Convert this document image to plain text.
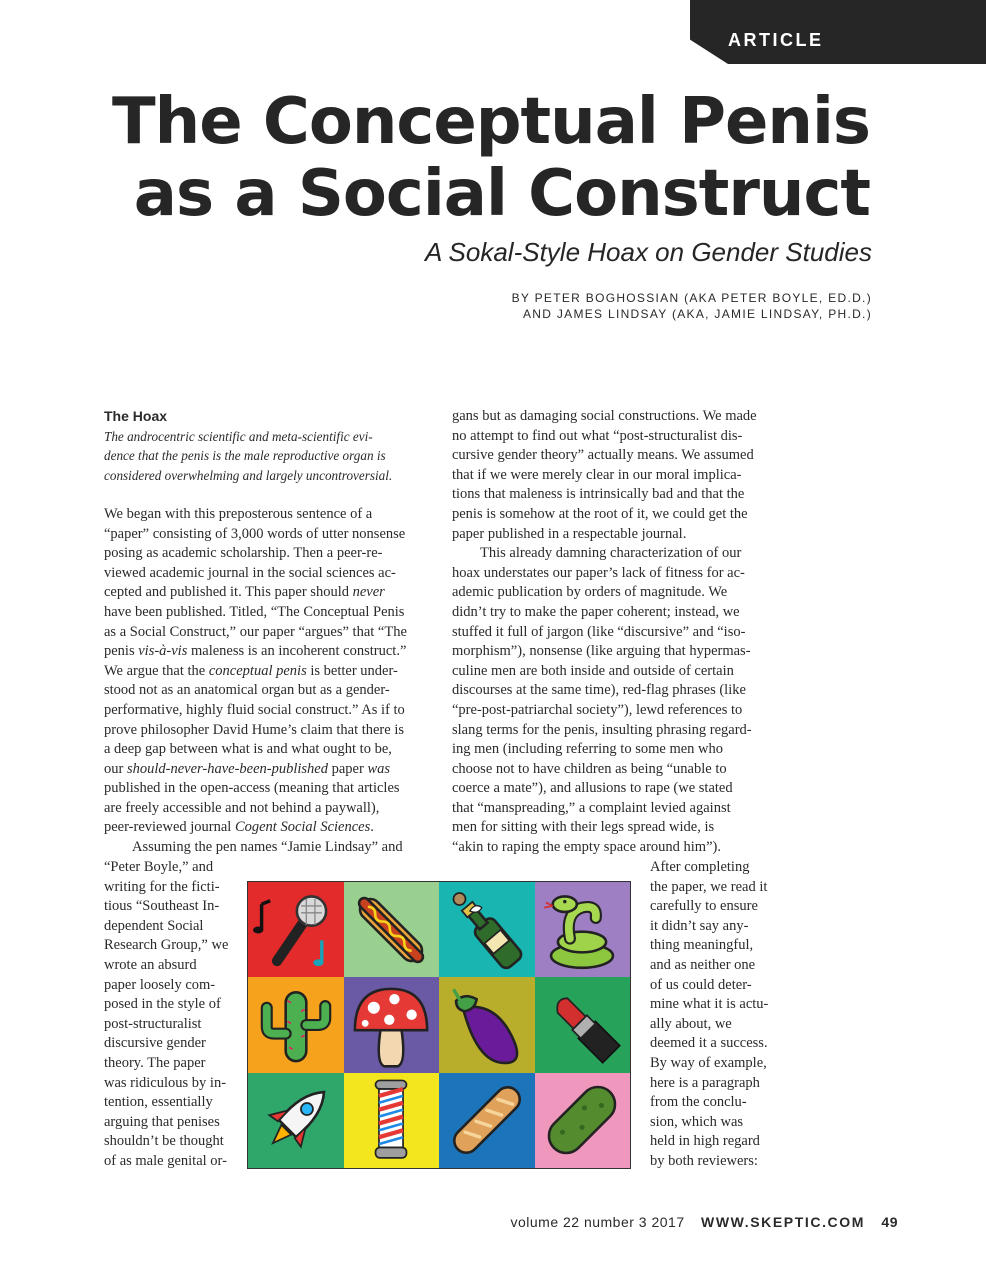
ARTICLE
The Conceptual Penis
as a Social Construct
A Sokal-Style Hoax on Gender Studies
BY PETER BOGHOSSIAN (AKA PETER BOYLE, ED.D.)
AND JAMES LINDSAY (AKA, JAMIE LINDSAY, PH.D.)

The Hoax

The androcentric scientific and meta-scientific evi-

dence that the penis is the male reproductive organ is

considered overwhelming and largely uncontroversial.

We began with this preposterous sentence of a

“paper” consisting of 3,000 words of utter nonsense

posing as academic scholarship. Then a peer-re-

viewed academic journal in the social sciences ac-

cepted and published it. This paper should never

have been published. Titled, “The Conceptual Penis

as a Social Construct,” our paper “argues” that “The

penis vis-à-vis maleness is an incoherent construct.”

We argue that the conceptual penis is better under-

stood not as an anatomical organ but as a gender-

performative, highly fluid social construct.” As if to

prove philosopher David Hume’s claim that there is

a deep gap between what is and what ought to be,

our should-never-have-been-published paper was

published in the open-access (meaning that articles

are freely accessible and not behind a paywall),

peer-reviewed journal Cogent Social Sciences.

Assuming the pen names “Jamie Lindsay” and

“Peter Boyle,” and

writing for the ficti-

tious “Southeast In-

dependent Social

Research Group,” we

wrote an absurd

paper loosely com-

posed in the style of

post-structuralist

discursive gender

theory. The paper

was ridiculous by in-

tention, essentially

arguing that penises

shouldn’t be thought

of as male genital or-

gans but as damaging social constructions. We made

no attempt to find out what “post-structuralist dis-

cursive gender theory” actually means. We assumed

that if we were merely clear in our moral implica-

tions that maleness is intrinsically bad and that the

penis is somehow at the root of it, we could get the

paper published in a respectable journal.

This already damning characterization of our

hoax understates our paper’s lack of fitness for ac-

ademic publication by orders of magnitude. We

didn’t try to make the paper coherent; instead, we

stuffed it full of jargon (like “discursive” and “iso-

morphism”), nonsense (like arguing that hypermas-

culine men are both inside and outside of certain

discourses at the same time), red-flag phrases (like

“pre-post-patriarchal society”), lewd references to

slang terms for the penis, insulting phrasing regard-

ing men (including referring to some men who

choose not to have children as being “unable to

coerce a mate”), and allusions to rape (we stated

that “manspreading,” a complaint levied against

men for sitting with their legs spread wide, is

“akin to raping the empty space around him”).

After completing

the paper, we read it

carefully to ensure

it didn’t say any-

thing meaningful,

and as neither one

of us could deter-

mine what it is actu-

ally about, we

deemed it a success.

By way of example,

here is a paragraph

from the conclu-

sion, which was

held in high regard

by both reviewers:

volume 22 number 3 2017 WWW.SKEPTIC.COM 49
